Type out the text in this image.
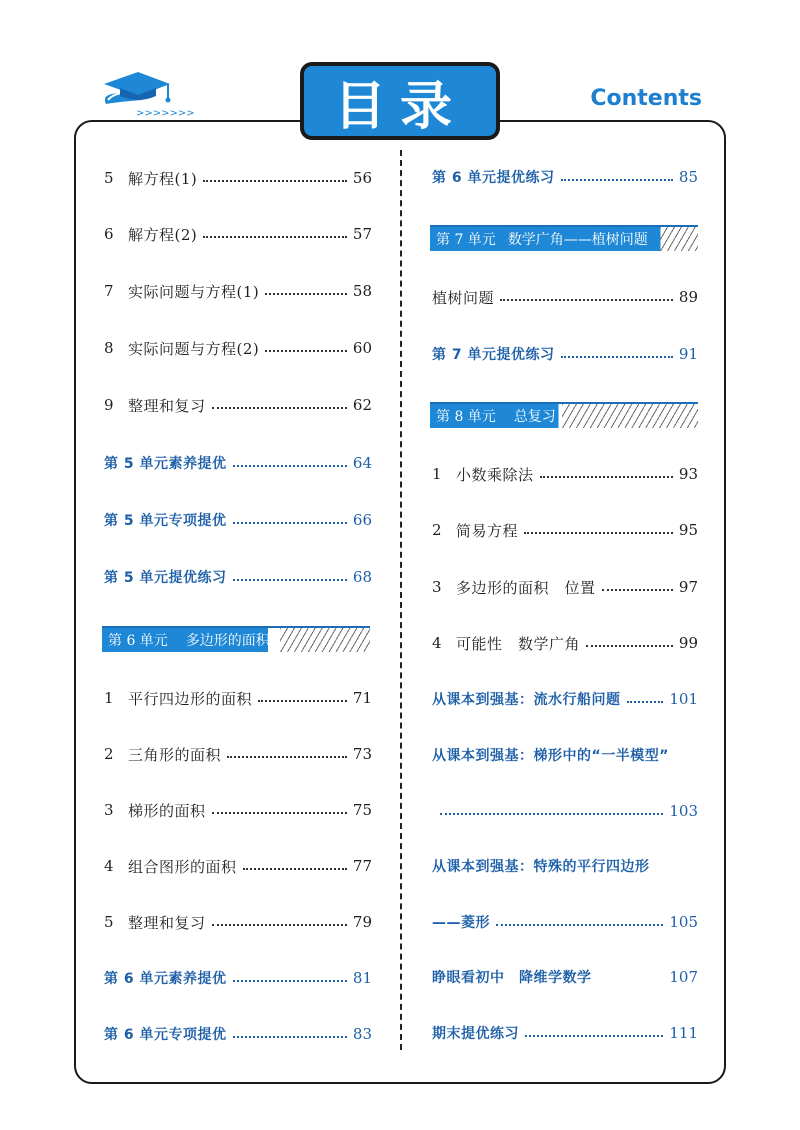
>>>>>>>	目录	Contents
5 解方程(1)	56
6 解方程(2)	57
7 实际问题与方程(1)	58
8 实际问题与方程(2)	60
9 整理和复习	62
第 5 单元素养提优	64
第 5 单元专项提优	66
第 5 单元提优练习	68
第 6 单元	多边形的面积
1 平行四边形的面积	71
2 三角形的面积	73
3 梯形的面积	75
4 组合图形的面积	77
5 整理和复习	79
第 6 单元素养提优	81
第 6 单元专项提优	83
第 6 单元提优练习	85
第 7 单元 数学广角——植树问题
植树问题	89
第 7 单元提优练习	91
第 8 单元	总复习
1 小数乘除法	93
2 简易方程	95
3 多边形的面积　位置	97
4 可能性　数学广角	99
从课本到强基：流水行船问题	101
从课本到强基：梯形中的“一半模型”
103
从课本到强基：特殊的平行四边形
——菱形	105
睁眼看初中　降维学数学	107
期末提优练习	111
